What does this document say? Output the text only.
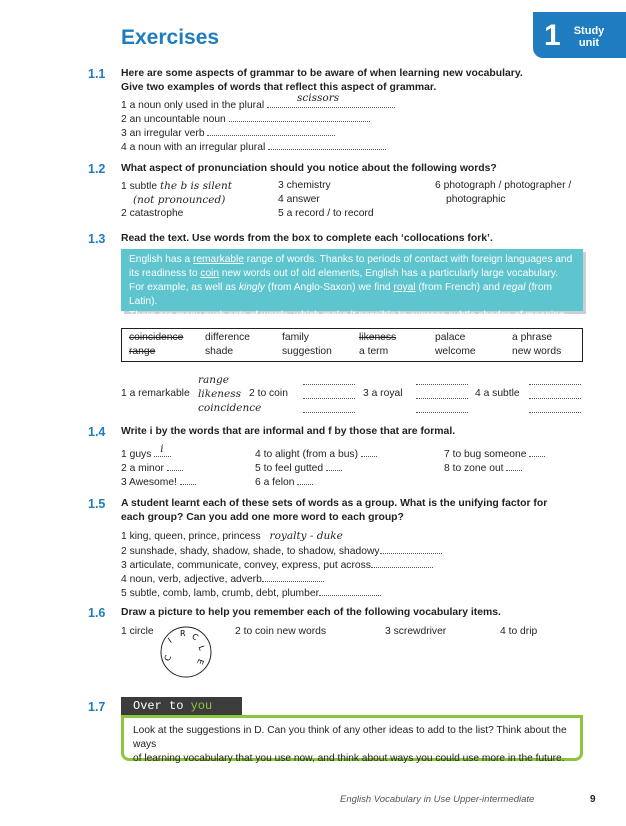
Exercises	1	Study
unit
1.1 Here are some aspects of grammar to be aware of when learning new vocabulary.
Give two examples of words that reflect this aspect of grammar.
1 a noun only used in the plural
scissors
2 an uncountable noun
3 an irregular verb
4 a noun with an irregular plural
1.2 What aspect of pronunciation should you notice about the following words?
1 subtle the b is silent
(not pronounced)
2 catastrophe
3 chemistry
4 answer
5 a record / to record
6 photograph / photographer /
photographic
1.3 Read the text. Use words from the box to complete each ‘collocations fork’.
English has a remarkable range of words. Thanks to periods of contact with foreign languages and
its readiness to coin new words out of old elements, English has a particularly large vocabulary.
For example, as well as kingly (from Anglo-Saxon) we find royal (from French) and regal (from Latin).
There are many such sets of words, which make it possible to express subtle shades of meaning.
coincidence difference	family	likeness	palace	a phrase
range	shade	suggestion	a term	welcome	new words
1 a remarkable
range
likeness
coincidence
2 to coin	3 a royal	4 a subtle
1.4 Write i by the words that are informal and f by those that are formal.
1 guys i
2 a minor
3 Awesome!
4 to alight (from a bus)
5 to feel gutted
6 a felon
7 to bug someone
8 to zone out
1.5 A student learnt each of these sets of words as a group. What is the unifying factor for
each group? Can you add one more word to each group?
1 king, queen, prince, princess royalty - duke
2 sunshade, shady, shadow, shade, to shadow, shadowy
3 articulate, communicate, convey, express, put across
4 noun, verb, adjective, adverb
5 subtle, comb, lamb, crumb, debt, plumber
1.6 Draw a picture to help you remember each of the following vocabulary items.
1 circle
C
I
R C
L
E
2 to coin new words	3 screwdriver	4 to drip
1.7	Over to you
Look at the suggestions in D. Can you think of any other ideas to add to the list? Think about the ways
of learning vocabulary that you use now, and think about ways you could use more in the future.
English Vocabulary in Use Upper-intermediate	9
